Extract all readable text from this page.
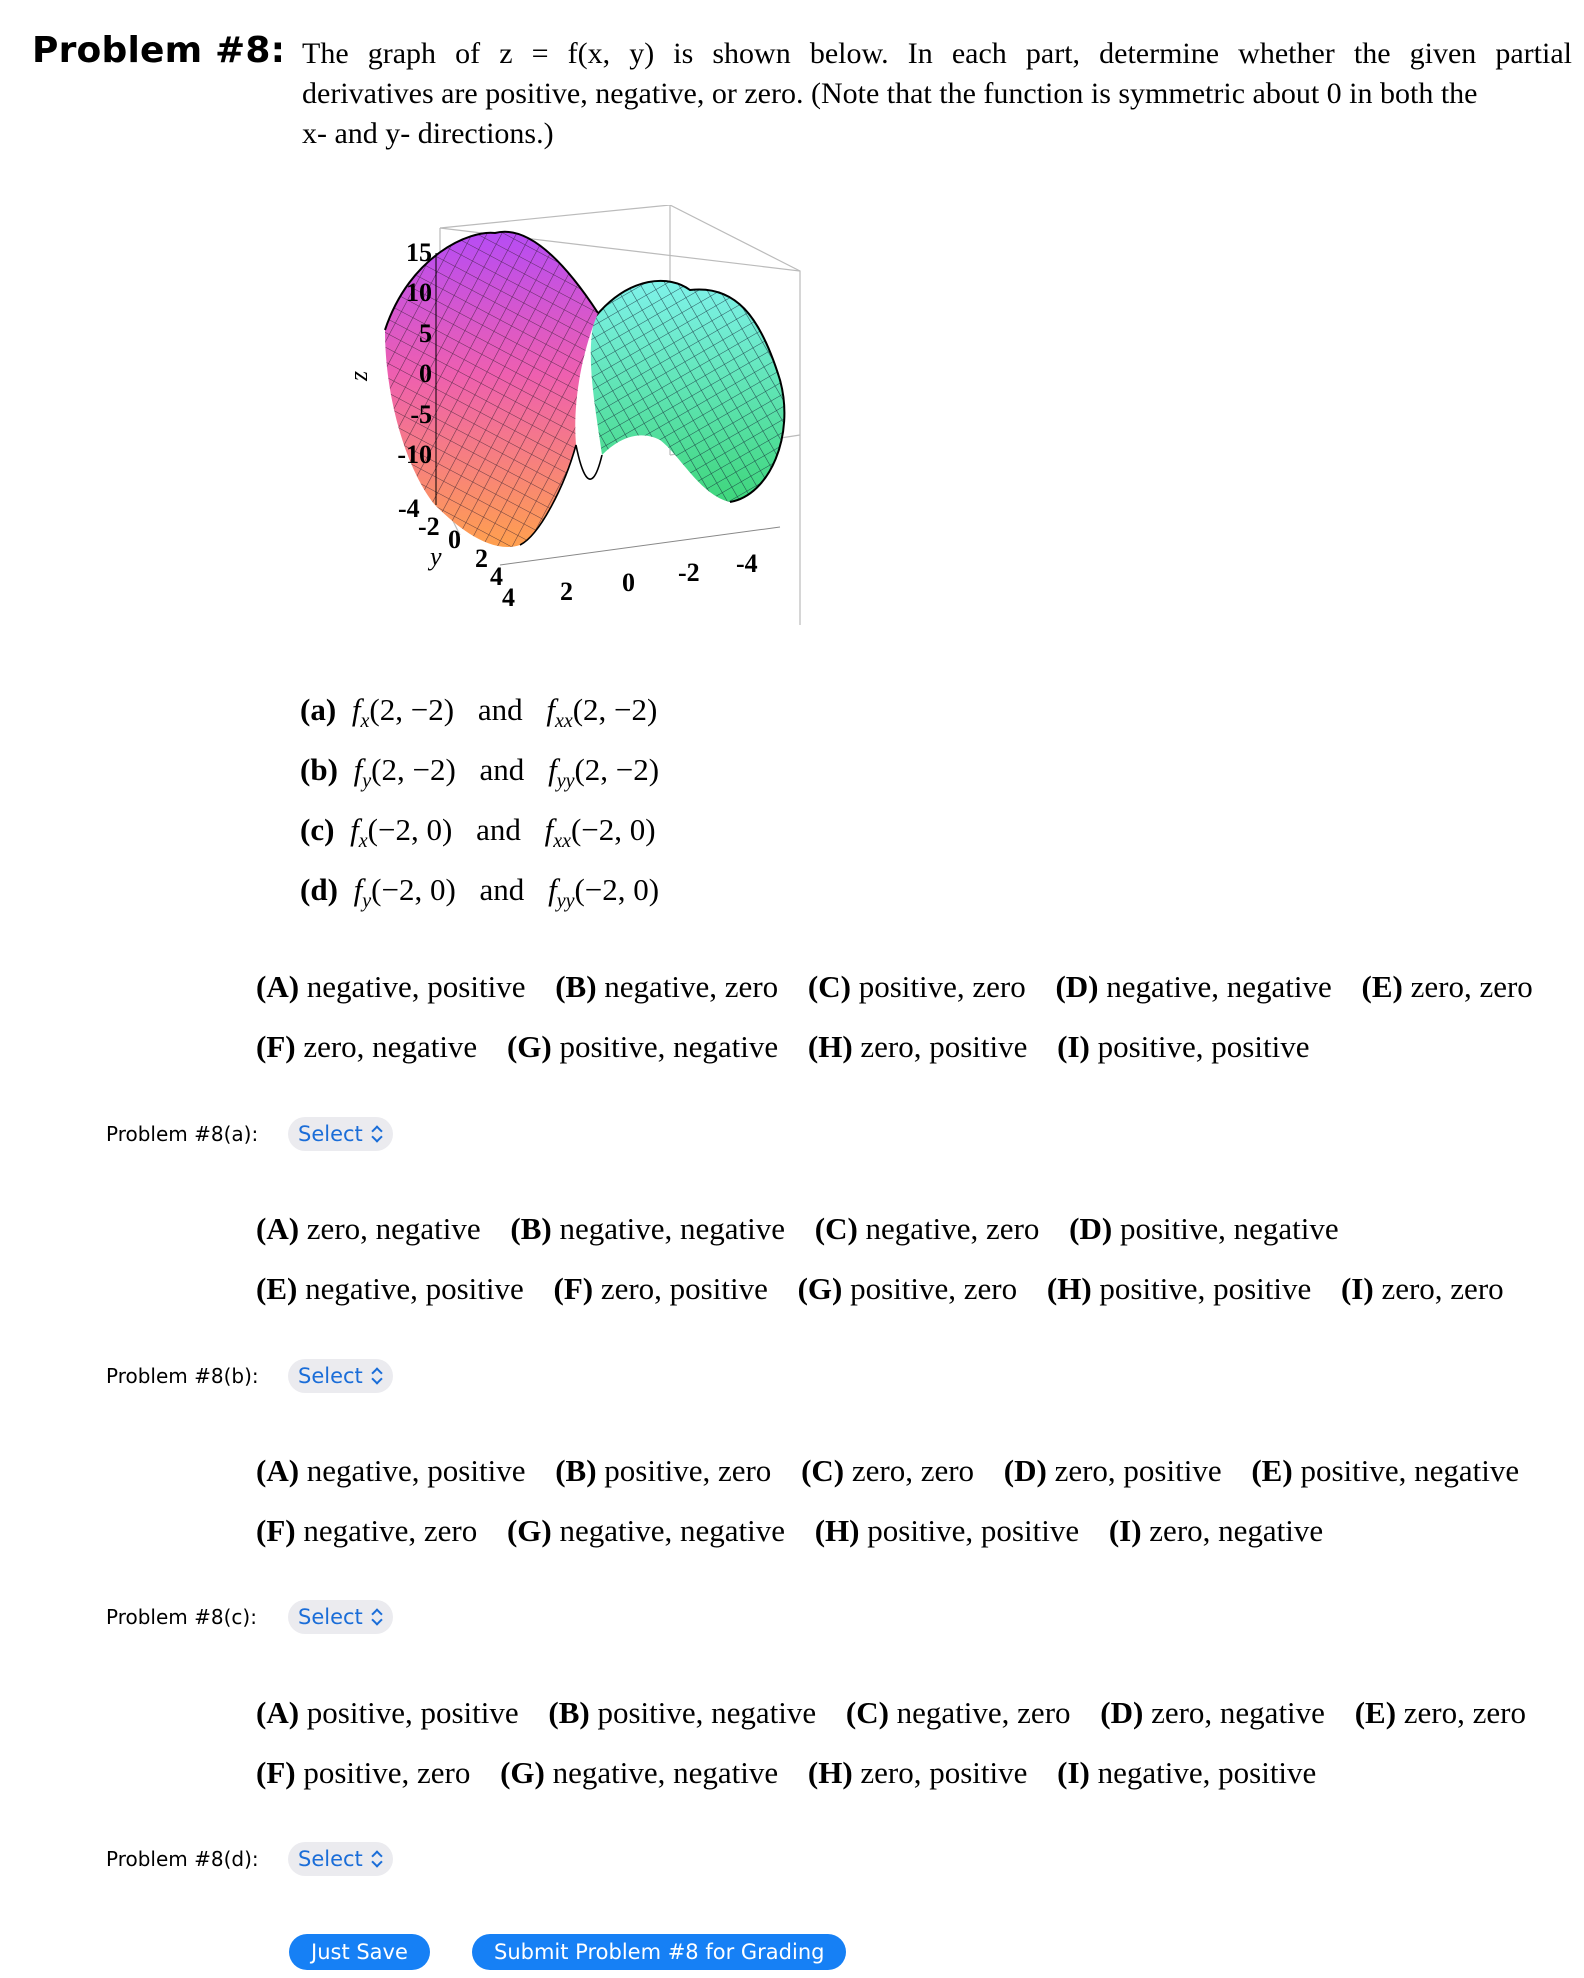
Problem #8: The graph of z = f(x, y) is shown below. In each part, determine whether the given partial
derivatives are positive, negative, or zero. (Note that the function is symmetric about 0 in both the
x- and y- directions.)
15
10
5
0
-5
-10
z
-4
-2 0
2
4
y
4 2 0 -2 -4
(a) $f_x(2$, −2) and $f_{xx}(2$, −2)
(b) $f_y(2$, −2) and $f_{yy}(2$, −2)
(c) $f_x(-2$, 0) and $f_{xx}(-2$, 0)
(d) $f_y(-2$, 0) and $f_{yy}(-2$, 0)
(A) negative, positive (B) negative, zero (C) positive, zero (D) negative, negative (E) zero, zero
(F) zero, negative (G) positive, negative (H) zero, positive (I) positive, positive
Problem #8(a):	Select
(A) zero, negative (B) negative, negative (C) negative, zero (D) positive, negative
(E) negative, positive (F) zero, positive (G) positive, zero (H) positive, positive (I) zero, zero
Problem #8(b):	Select
(A) negative, positive (B) positive, zero (C) zero, zero (D) zero, positive (E) positive, negative
(F) negative, zero (G) negative, negative (H) positive, positive (I) zero, negative
Problem #8(c):	Select
(A) positive, positive (B) positive, negative (C) negative, zero (D) zero, negative (E) zero, zero
(F) positive, zero (G) negative, negative (H) zero, positive (I) negative, positive
Problem #8(d):	Select
Just Save	Submit Problem #8 for Grading
